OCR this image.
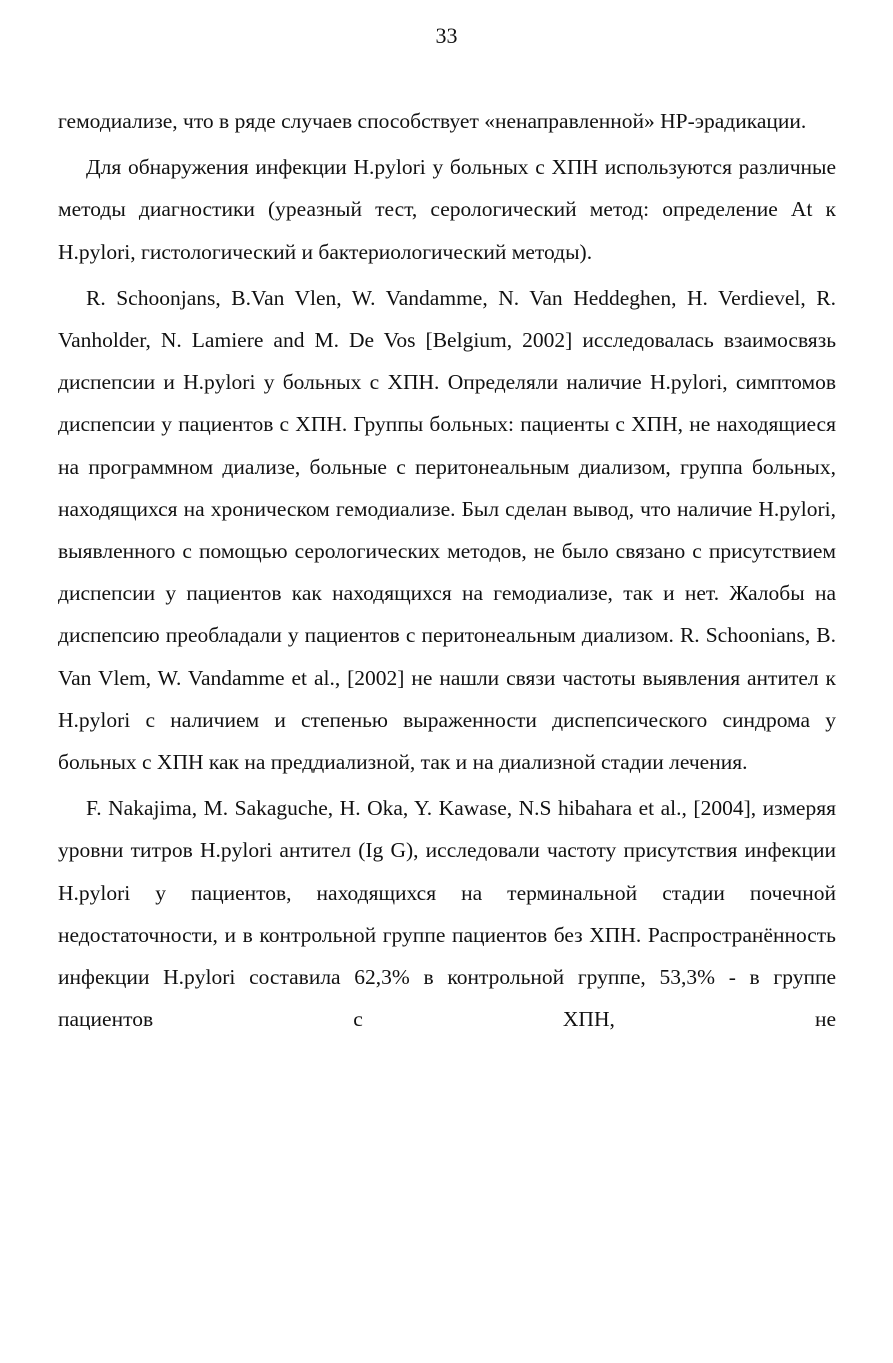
33

гемодиализе, что в ряде случаев способствует «ненаправленной» HP-эрадикации.

Для обнаружения инфекции H.pylori у больных с ХПН используются различные методы диагностики (уреазный тест, серологический метод: определение At к H.pylori, гистологический и бактериологический методы).

R. Schoonjans, B.Van Vlen, W. Vandamme, N. Van Heddeghen, H. Verdievel, R. Vanholder, N. Lamiere and M. De Vos [Belgium, 2002] исследовалась взаимосвязь диспепсии и H.pylori у больных с ХПН. Определяли наличие H.pylori, симптомов диспепсии у пациентов с ХПН. Группы больных: пациенты с ХПН, не находящиеся на программном диализе, больные с перитонеальным диализом, группа больных, находящихся на хроническом гемодиализе. Был сделан вывод, что наличие H.pylori, выявленного с помощью серологических методов, не было связано с присутствием диспепсии у пациентов как находящихся на гемодиализе, так и нет. Жалобы на диспепсию преобладали у пациентов с перитонеальным диализом. R. Schoonians, B. Van Vlem, W. Vandamme et al., [2002] не нашли связи частоты выявления антител к H.pylori с наличием и степенью выраженности диспепсического синдрома у больных с ХПН как на преддиализной, так и на диализной стадии лечения.

F. Nakajima, M. Sakaguche, H. Oka, Y. Kawase, N.S hibahara et al., [2004], измеряя уровни титров H.pylori антител (Ig G), исследовали частоту присутствия инфекции H.pylori у пациентов, находящихся на терминальной стадии почечной недостаточности, и в контрольной группе пациентов без ХПН. Распространённость инфекции H.pylori составила 62,3% в контрольной группе, 53,3% - в группе пациентов с ХПН, не
